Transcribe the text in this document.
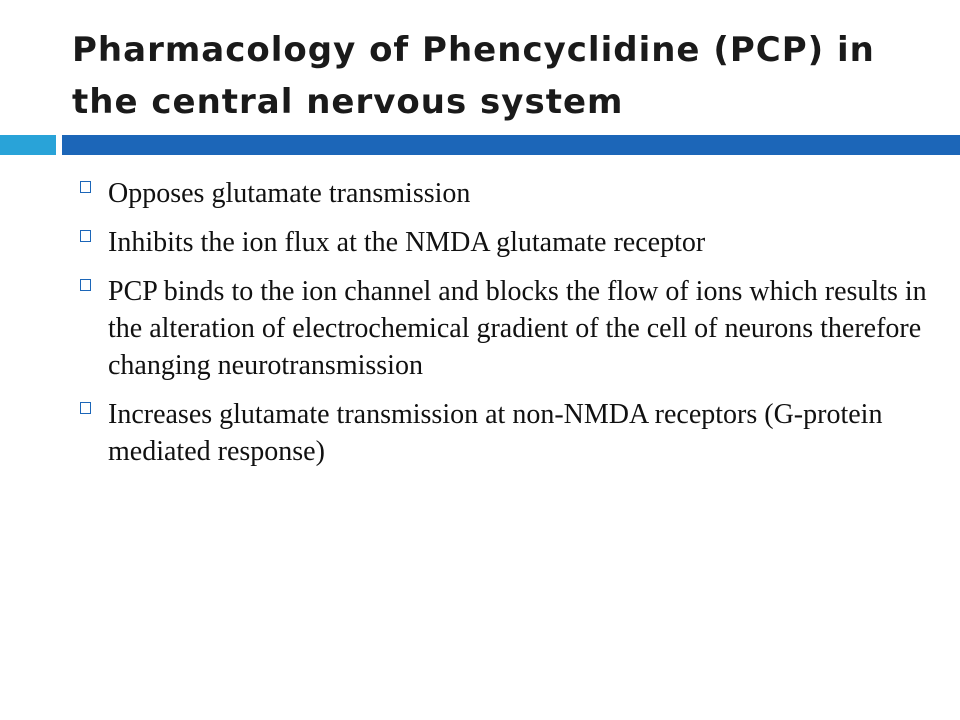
Pharmacology of Phencyclidine (PCP) in the central nervous system
Opposes glutamate transmission
Inhibits the ion flux at the NMDA glutamate receptor
PCP binds to the ion channel and blocks the flow of ions which results in the alteration of electrochemical gradient of the cell of neurons therefore changing neurotransmission
Increases glutamate transmission at non-NMDA receptors (G-protein mediated response)
